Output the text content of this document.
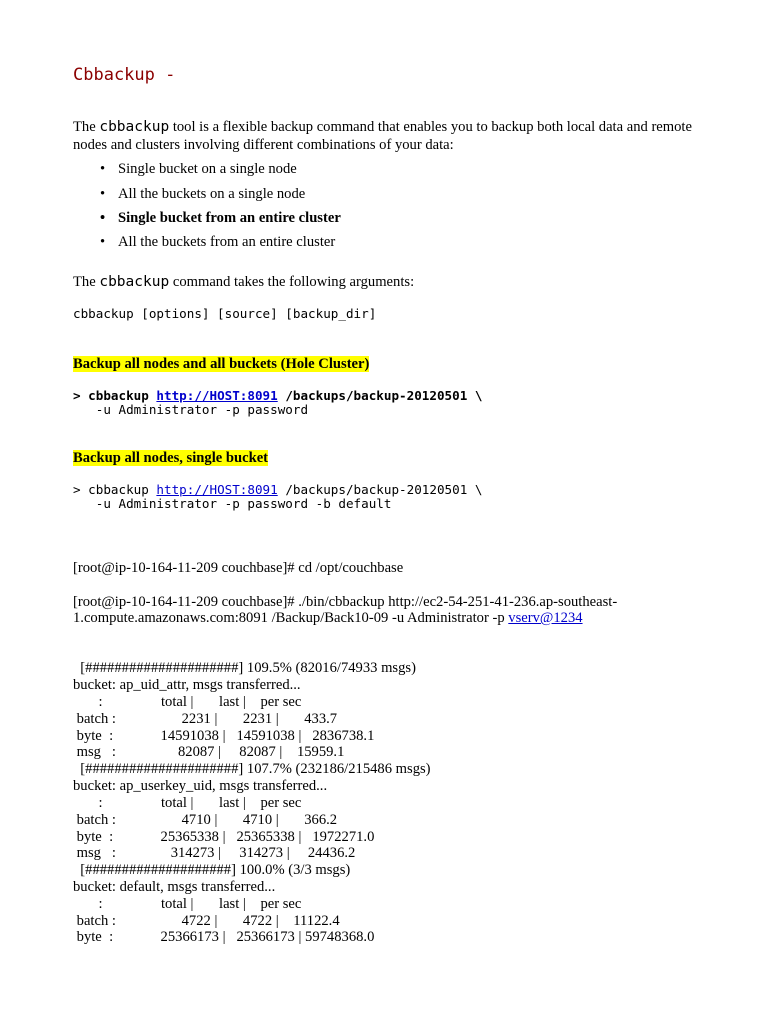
Cbbackup -
The cbbackup tool is a flexible backup command that enables you to backup both local data and remote nodes and clusters involving different combinations of your data:
• Single bucket on a single node
• All the buckets on a single node
• Single bucket from an entire cluster
• All the buckets from an entire cluster
The cbbackup command takes the following arguments:
cbbackup [options] [source] [backup_dir]
Backup all nodes and all buckets (Hole Cluster)
> cbbackup http://HOST:8091 /backups/backup-20120501 \
-u Administrator -p password
Backup all nodes, single bucket
> cbbackup http://HOST:8091 /backups/backup-20120501 \
-u Administrator -p password -b default
[root@ip-10-164-11-209 couchbase]# cd /opt/couchbase
[root@ip-10-164-11-209 couchbase]# ./bin/cbbackup http://ec2-54-251-41-236.ap-southeast-
1.compute.amazonaws.com:8091 /Backup/Back10-09 -u Administrator -p vserv@1234
[#####################] 109.5% (82016/74933 msgs)
bucket: ap_uid_attr, msgs transferred...
:                total |       last |    per sec
batch :                  2231 |       2231 |       433.7
byte  :             14591038 |   14591038 |   2836738.1
msg   :                 82087 |     82087 |    15959.1
[#####################] 107.7% (232186/215486 msgs)
bucket: ap_userkey_uid, msgs transferred...
:                total |       last |    per sec
batch :                  4710 |       4710 |       366.2
byte  :             25365338 |   25365338 |   1972271.0
msg   :               314273 |     314273 |     24436.2
[####################] 100.0% (3/3 msgs)
bucket: default, msgs transferred...
:                total |       last |    per sec
batch :                  4722 |       4722 |    11122.4
byte  :             25366173 |   25366173 | 59748368.0
